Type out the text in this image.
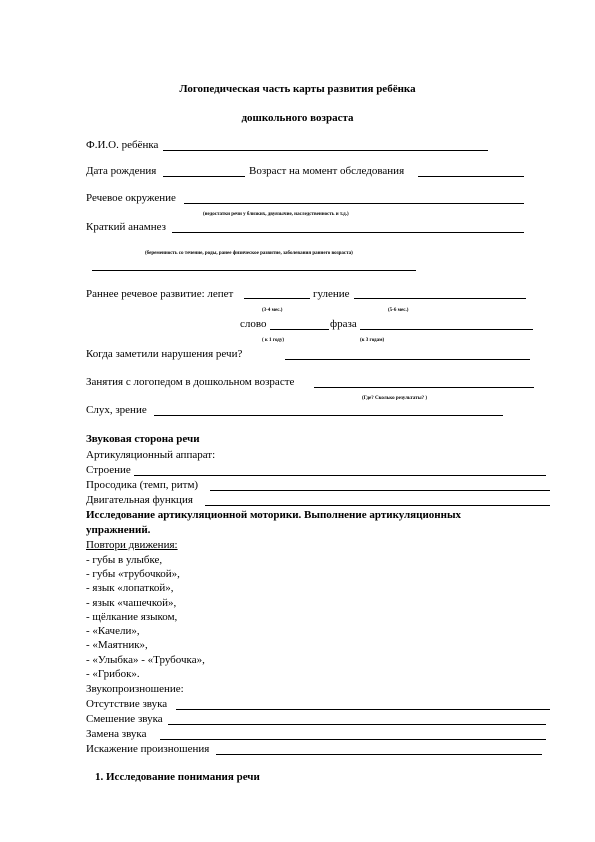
Логопедическая часть карты развития ребёнка

дошкольного возраста

Ф.И.О. ребёнка

Дата рождения	Возраст на момент обследования

Речевое окружение

(недостатки речи у близких, двуязычие, наследственность и т.д.)

Краткий анамнез

(беременность со течение, роды, ранее физическое развитие, заболевания раннего возраста)

Раннее речевое развитие: лепет

(3-4 мес.)

гуление

(5-6 мес.)

слово

( к 1 году)

фраза

(к 3 годам)

Когда заметили нарушения речи?

Занятия с логопедом в дошкольном возрасте

(Где? Сколько результаты? )

Слух, зрение

Звуковая сторона речи

Артикуляционный аппарат:

Строение

Просодика (темп, ритм)

Двигательная функция

Исследование артикуляционной моторики. Выполнение артикуляционных

упражнений.

Повтори движения:

- губы в улыбке,

- губы «трубочкой»,

- язык «лопаткой»,

- язык «чашечкой»,

- щёлкание языком,

- «Качели»,

- «Маятник»,

- «Улыбка» - «Трубочка»,

- «Грибок».

Звукопроизношение:

Отсутствие звука

Смешение звука

Замена звука

Искажение произношения

1. Исследование понимания речи
